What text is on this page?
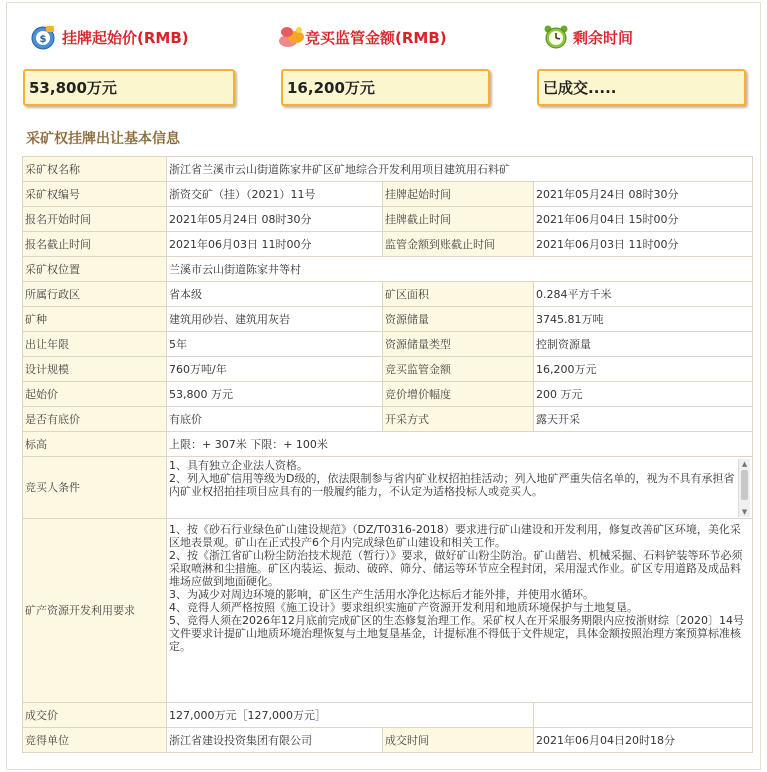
$ 挂牌起始价(RMB)
53,800万元
竞买监管金额(RMB)
16,200万元
剩余时间
已成交.....
采矿权挂牌出让基本信息
采矿权名称	浙江省兰溪市云山街道陈家井矿区矿地综合开发利用项目建筑用石料矿		
采矿权编号	浙资交矿（挂）（2021）11号	挂牌起始时间	2021年05月24日 08时30分
报名开始时间	2021年05月24日 08时30分	挂牌截止时间	2021年06月04日 15时00分
报名截止时间	2021年06月03日 11时00分	监管金额到账截止时间	2021年06月03日 11时00分
采矿权位置	兰溪市云山街道陈家井等村		
所属行政区	省本级	矿区面积	0.284平方千米
矿种	建筑用砂岩、建筑用灰岩	资源储量	3745.81万吨
出让年限	5年	资源储量类型	控制资源量
设计规模	760万吨/年	竞买监管金额	16,200万元
起始价	53,800 万元	竞价增价幅度	200 万元
是否有底价	有底价	开采方式	露天开采
标高	上限：+ 307米 下限：+ 100米		
竞买人条件	1、具有独立企业法人资格。
2、列入地矿信用等级为D级的，依法限制参与省内矿业权招拍挂活动；列入地矿严重失信名单的，视为不具有承担省内矿业权招拍挂项目应具有的一般履约能力，不认定为适格投标人或竞买人。
▲
▼		

矿产资源开发利用要求	1、按《砂石行业绿色矿山建设规范》（DZ/T0316-2018）要求进行矿山建设和开发利用，修复改善矿区环境，美化采区地表景观。矿山在正式投产6个月内完成绿色矿山建设和相关工作。
2、按《浙江省矿山粉尘防治技术规范（暂行）》要求，做好矿山粉尘防治。矿山凿岩、机械采掘、石料铲装等环节必须采取喷淋和尘措施。矿区内装运、振动、破碎、筛分、储运等环节应全程封闭，采用湿式作业。矿区专用道路及成品料堆场应做到地面硬化。
3、为减少对周边环境的影响，矿区生产生活用水净化达标后才能外排，并使用水循环。
4、竞得人须严格按照《施工设计》要求组织实施矿产资源开发利用和地质环境保护与土地复垦。
5、竞得人须在2026年12月底前完成矿区的生态修复治理工作。采矿权人在开采服务期限内应按浙财综〔2020〕14号文件要求计提矿山地质环境治理恢复与土地复垦基金，计提标准不得低于文件规定，具体金额按照治理方案预算标准核定。		

成交价	127,000万元［127,000万元］		
竞得单位	浙江省建设投资集团有限公司	成交时间	2021年06月04日20时18分
